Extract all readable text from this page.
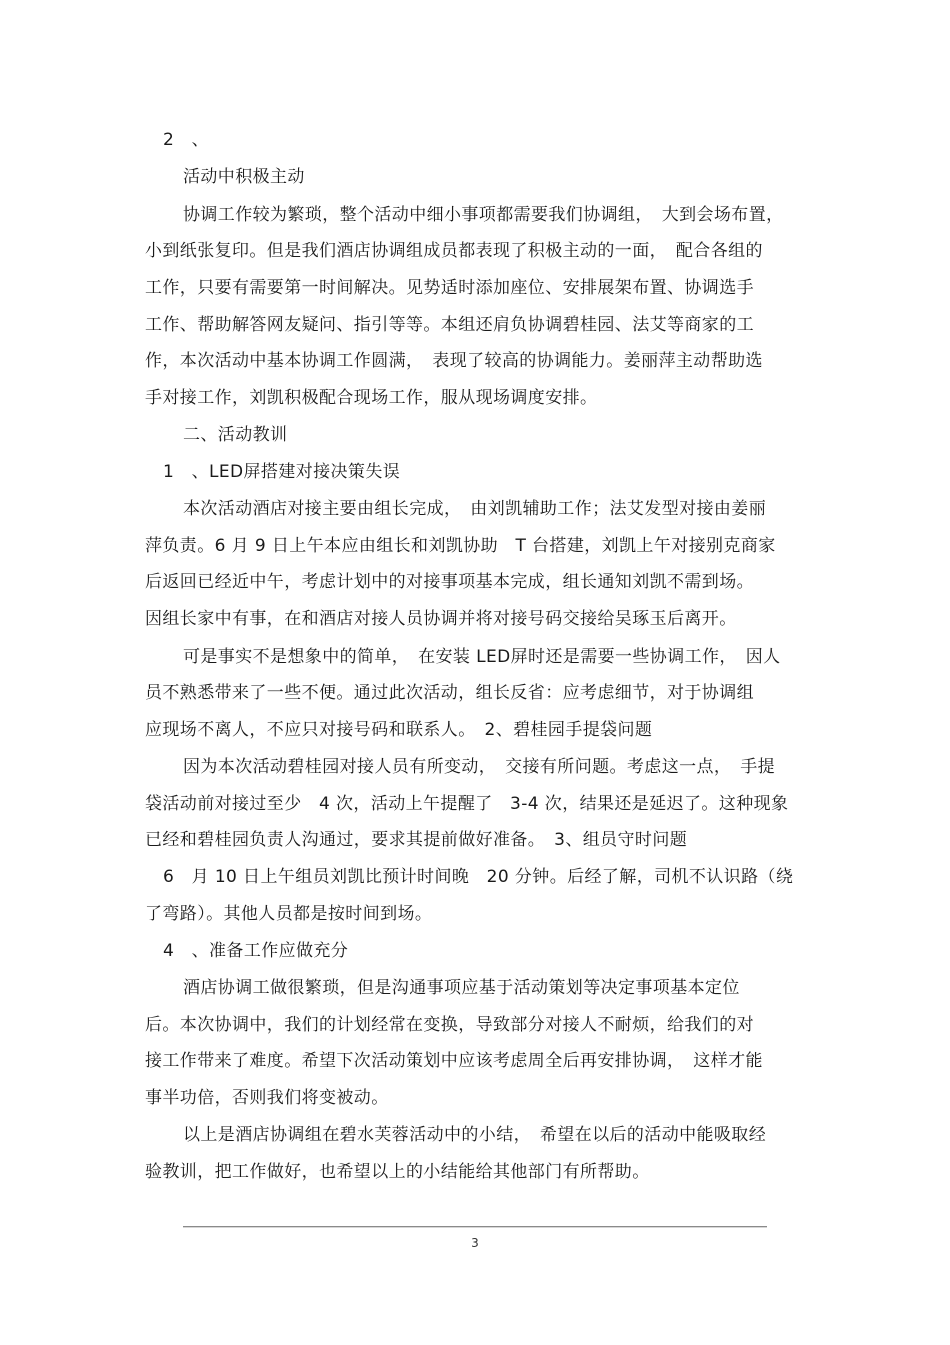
2　、

活动中积极主动

协调工作较为繁琐，整个活动中细小事项都需要我们协调组，　大到会场布置，

小到纸张复印。但是我们酒店协调组成员都表现了积极主动的一面，　配合各组的

工作，只要有需要第一时间解决。见势适时添加座位、安排展架布置、协调选手

工作、帮助解答网友疑问、指引等等。本组还肩负协调碧桂园、法艾等商家的工

作，本次活动中基本协调工作圆满，　表现了较高的协调能力。姜丽萍主动帮助选

手对接工作，刘凯积极配合现场工作，服从现场调度安排。

二、活动教训

1　、LED屏搭建对接决策失误

本次活动酒店对接主要由组长完成，　由刘凯辅助工作；法艾发型对接由姜丽

萍负责。6 月 9 日上午本应由组长和刘凯协助　T 台搭建，刘凯上午对接别克商家

后返回已经近中午，考虑计划中的对接事项基本完成，组长通知刘凯不需到场。

因组长家中有事，在和酒店对接人员协调并将对接号码交接给吴琢玉后离开。

可是事实不是想象中的简单，　在安装 LED屏时还是需要一些协调工作，　因人

员不熟悉带来了一些不便。通过此次活动，组长反省：应考虑细节，对于协调组

应现场不离人，不应只对接号码和联系人。　2、碧桂园手提袋问题

因为本次活动碧桂园对接人员有所变动，　交接有所问题。考虑这一点，　手提

袋活动前对接过至少　4 次，活动上午提醒了　3-4 次，结果还是延迟了。这种现象

已经和碧桂园负责人沟通过，要求其提前做好准备。　3、组员守时问题

6　月 10 日上午组员刘凯比预计时间晚　20 分钟。后经了解，司机不认识路（绕

了弯路）。其他人员都是按时间到场。

4　、准备工作应做充分

酒店协调工做很繁琐，但是沟通事项应基于活动策划等决定事项基本定位

后。本次协调中，我们的计划经常在变换，导致部分对接人不耐烦，给我们的对

接工作带来了难度。希望下次活动策划中应该考虑周全后再安排协调，　这样才能

事半功倍，否则我们将变被动。

以上是酒店协调组在碧水芙蓉活动中的小结，　希望在以后的活动中能吸取经

验教训，把工作做好，也希望以上的小结能给其他部门有所帮助。

3
